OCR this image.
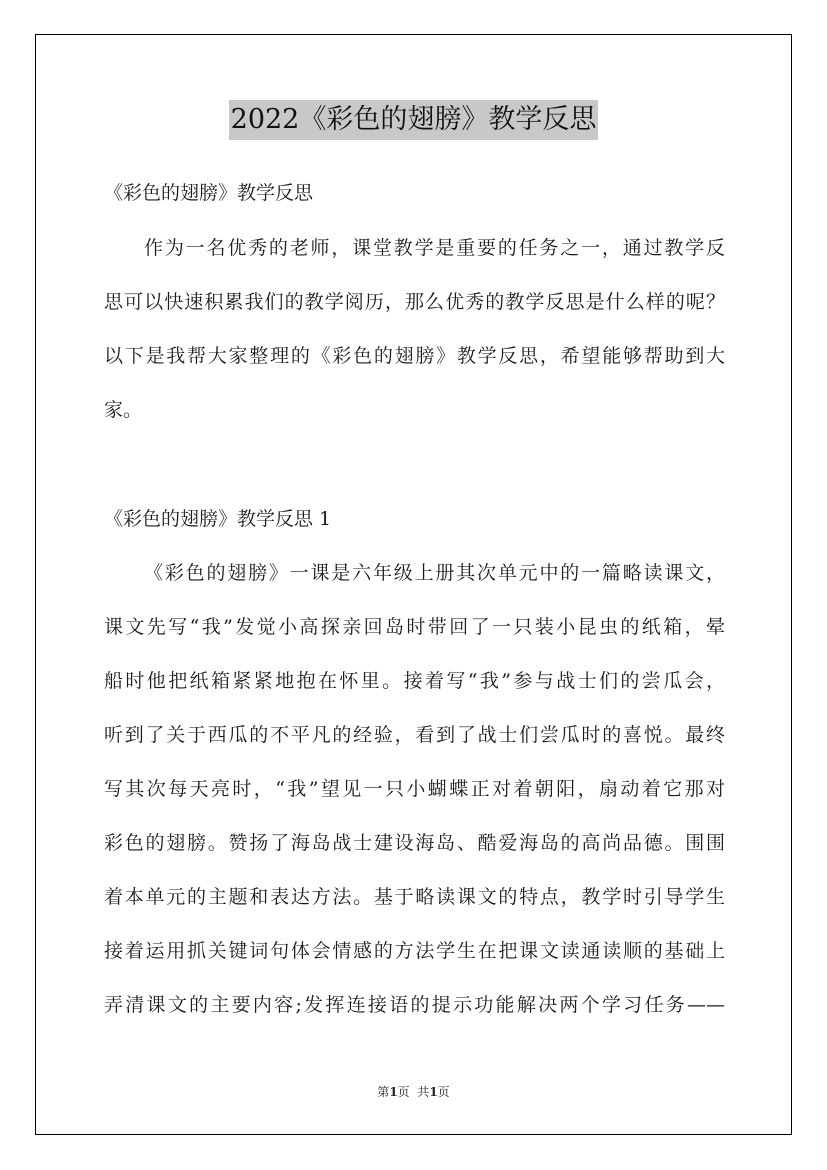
2022《彩色的翅膀》教学反思
《彩色的翅膀》教学反思
作为一名优秀的老师，课堂教学是重要的任务之一，通过教学反
思可以快速积累我们的教学阅历，那么优秀的教学反思是什么样的呢？
以下是我帮大家整理的《彩色的翅膀》教学反思，希望能够帮助到大
家。
《彩色的翅膀》教学反思 1
《彩色的翅膀》一课是六年级上册其次单元中的一篇略读课文，
课文先写“我”发觉小高探亲回岛时带回了一只装小昆虫的纸箱，晕
船时他把纸箱紧紧地抱在怀里。接着写“我”参与战士们的尝瓜会，
听到了关于西瓜的不平凡的经验，看到了战士们尝瓜时的喜悦。最终
写其次每天亮时，“我”望见一只小蝴蝶正对着朝阳，扇动着它那对
彩色的翅膀。赞扬了海岛战士建设海岛、酷爱海岛的高尚品德。围围
着本单元的主题和表达方法。基于略读课文的特点，教学时引导学生
接着运用抓关键词句体会情感的方法学生在把课文读通读顺的基础上
弄清课文的主要内容;发挥连接语的提示功能解决两个学习任务——
第1页  共1页
